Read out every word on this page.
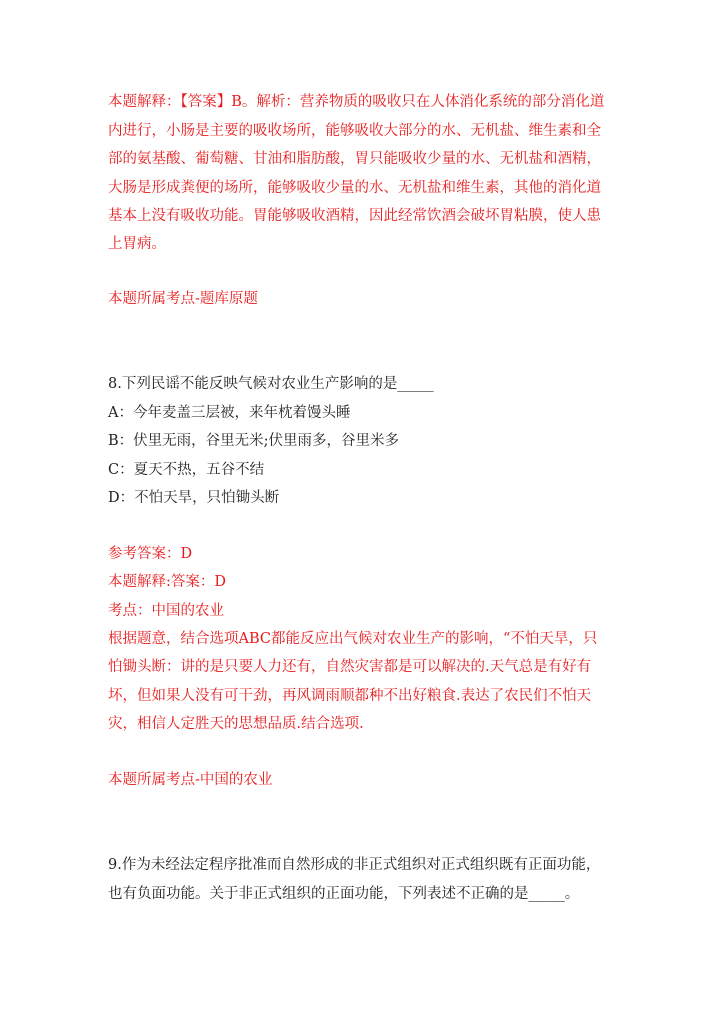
本题解释：【答案】B。解析：营养物质的吸收只在人体消化系统的部分消化道
内进行，小肠是主要的吸收场所，能够吸收大部分的水、无机盐、维生素和全
部的氨基酸、葡萄糖、甘油和脂肪酸，胃只能吸收少量的水、无机盐和酒精，
大肠是形成粪便的场所，能够吸收少量的水、无机盐和维生素，其他的消化道
基本上没有吸收功能。胃能够吸收酒精，因此经常饮酒会破坏胃粘膜，使人患
上胃病。
本题所属考点-题库原题
8.下列民谣不能反映气候对农业生产影响的是_____
A：今年麦盖三层被，来年枕着馒头睡
B：伏里无雨，谷里无米;伏里雨多，谷里米多
C：夏天不热，五谷不结
D：不怕天旱，只怕锄头断
参考答案：D
本题解释:答案：D
考点：中国的农业
根据题意，结合选项ABC都能反应出气候对农业生产的影响，“不怕天旱，只
怕锄头断：讲的是只要人力还有，自然灾害都是可以解决的.天气总是有好有
坏，但如果人没有可干劲，再风调雨顺都种不出好粮食.表达了农民们不怕天
灾，相信人定胜天的思想品质.结合选项.
本题所属考点-中国的农业
9.作为未经法定程序批准而自然形成的非正式组织对正式组织既有正面功能，
也有负面功能。关于非正式组织的正面功能，下列表述不正确的是_____。
